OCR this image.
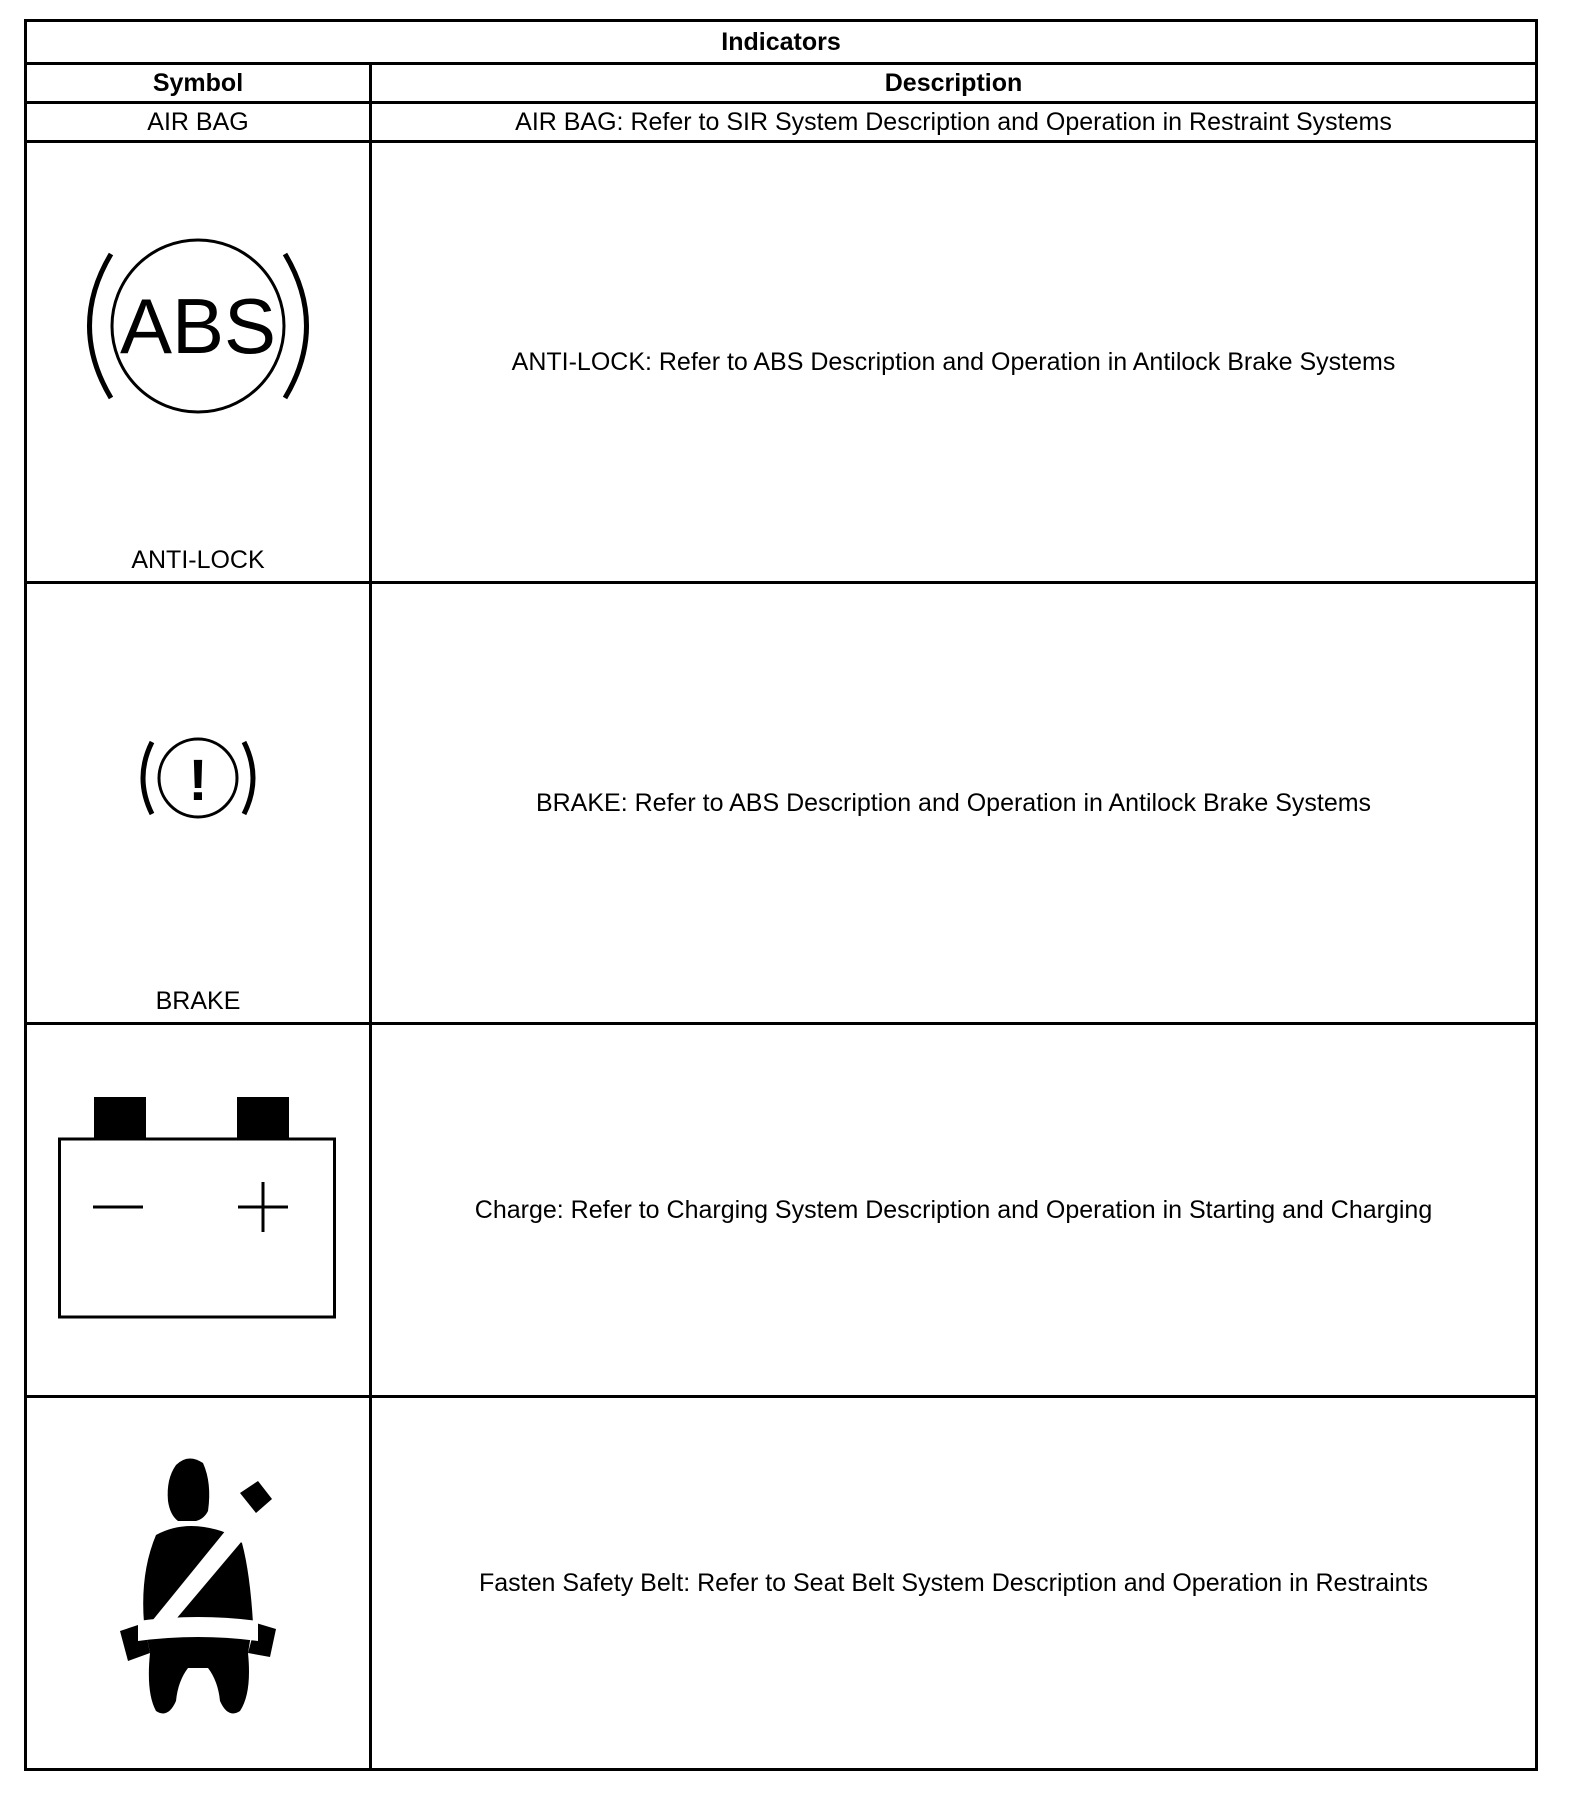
Indicators	
Symbol	Description
AIR BAG	AIR BAG: Refer to SIR System Description and Operation in Restraint Systems

ABS
ANTI-LOCK	ANTI-LOCK: Refer to ABS Description and Operation in Antilock Brake Systems

!
BRAKE	BRAKE: Refer to ABS Description and Operation in Antilock Brake Systems

	Charge: Refer to Charging System Description and Operation in Starting and Charging

	Fasten Safety Belt: Refer to Seat Belt System Description and Operation in Restraints
